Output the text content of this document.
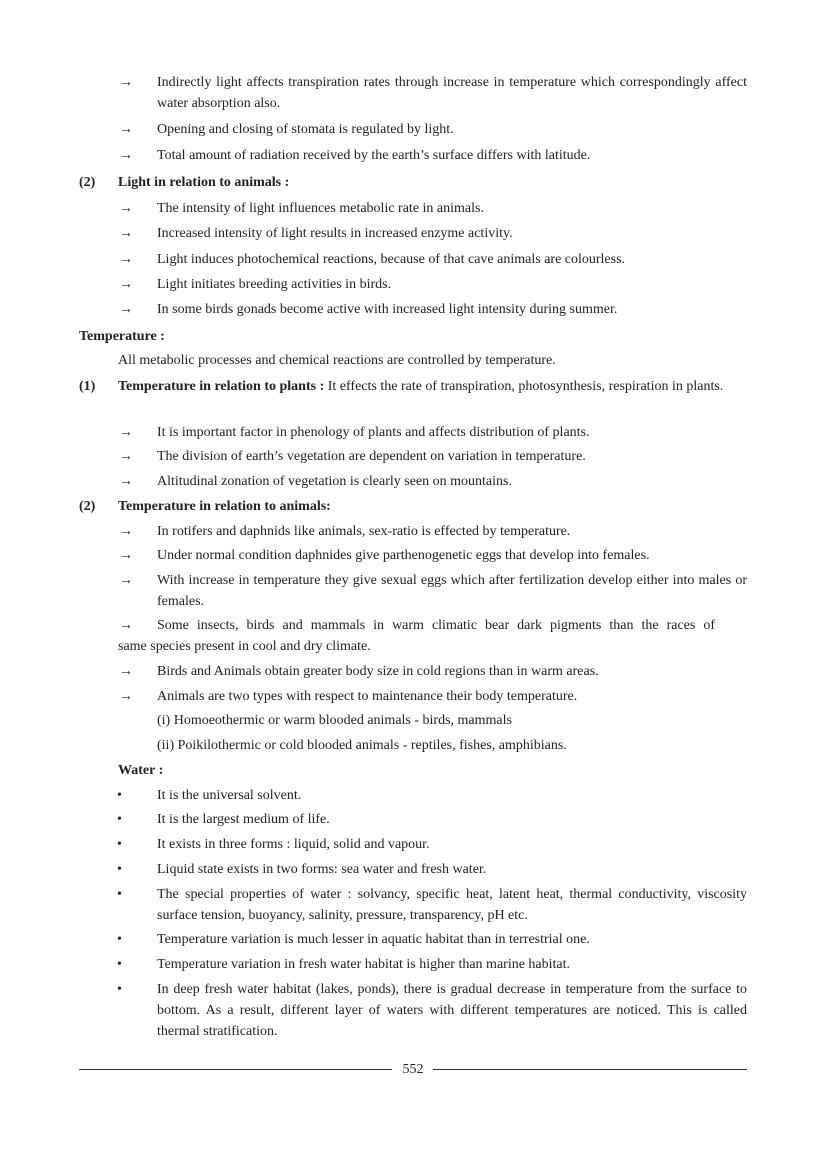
→ Indirectly light affects transpiration rates through increase in temperature which correspondingly affect water absorption also.
→ Opening and closing of stomata is regulated by light.
→ Total amount of radiation received by the earth’s surface differs with latitude.
(2) Light in relation to animals :
→ The intensity of light influences metabolic rate in animals.
→ Increased intensity of light results in increased enzyme activity.
→ Light induces photochemical reactions, because of that cave animals are colourless.
→ Light initiates breeding activities in birds.
→ In some birds gonads become active with increased light intensity during summer.
Temperature :
All metabolic processes and chemical reactions are controlled by temperature.
(1) Temperature in relation to plants : It effects the rate of transpiration, photosynthesis, respiration in plants.
→ It is important factor in phenology of plants and affects distribution of plants.
→ The division of earth’s vegetation are dependent on variation in temperature.
→ Altitudinal zonation of vegetation is clearly seen on mountains.
(2) Temperature in relation to animals:
→ In rotifers and daphnids like animals, sex-ratio is effected by temperature.
→ Under normal condition daphnides give parthenogenetic eggs that develop into females.
→ With increase in temperature they give sexual eggs which after fertilization develop either into males or females.
→ Some insects, birds and mammals in warm climatic bear dark pigments than the races of
same species present in cool and dry climate.
→ Birds and Animals obtain greater body size in cold regions than in warm areas.
→ Animals are two types with respect to maintenance their body temperature.
(i) Homoeothermic or warm blooded animals - birds, mammals
(ii) Poikilothermic or cold blooded animals - reptiles, fishes, amphibians.
Water :
•	It is the universal solvent.
•	It is the largest medium of life.
•	It exists in three forms : liquid, solid and vapour.
•	Liquid state exists in two forms: sea water and fresh water.
•	The special properties of water : solvancy, specific heat, latent heat, thermal conductivity, viscosity surface tension, buoyancy, salinity, pressure, transparency, pH etc.
•	Temperature variation is much lesser in aquatic habitat than in terrestrial one.
•	Temperature variation in fresh water habitat is higher than marine habitat.
•	In deep fresh water habitat (lakes, ponds), there is gradual decrease in temperature from the surface to bottom. As a result, different layer of waters with different temperatures are noticed. This is called thermal stratification.
552
